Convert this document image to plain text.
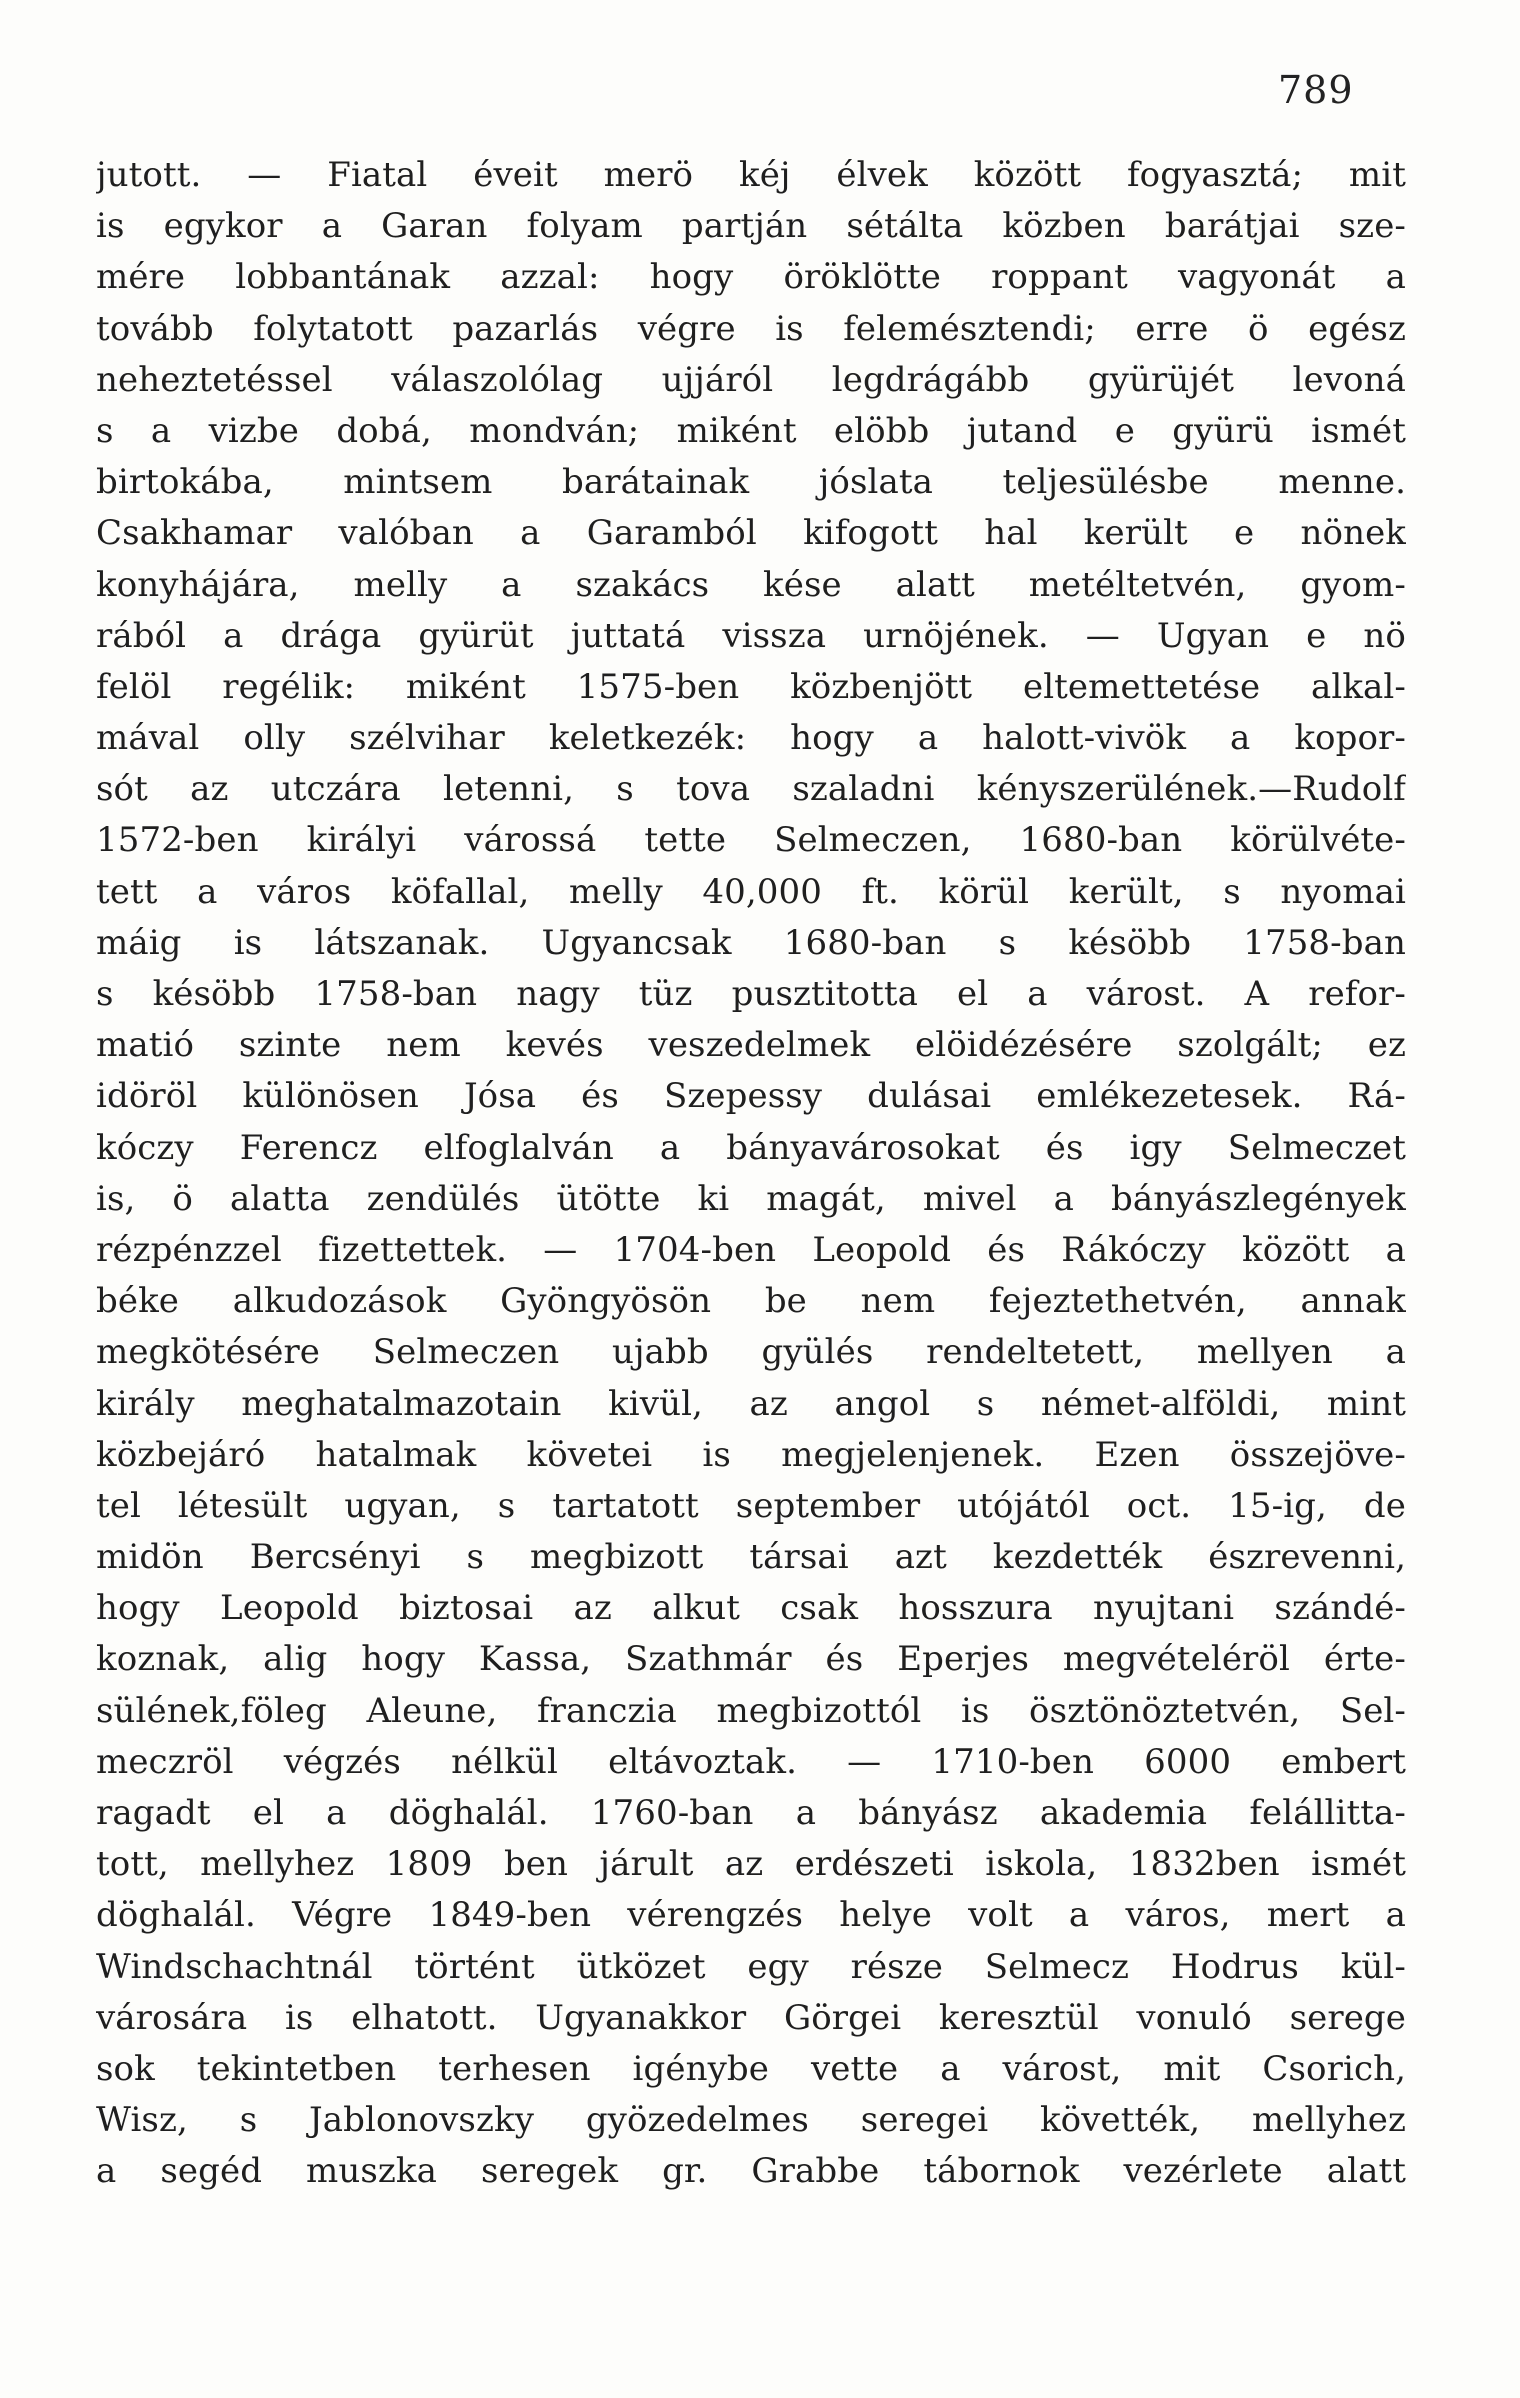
789
jutott. — Fiatal éveit merö kéj élvek között fogyasztá; mit
is egykor a Garan folyam partján sétálta közben barátjai sze-
mére lobbantának azzal: hogy öröklötte roppant vagyonát a
tovább folytatott pazarlás végre is felemésztendi; erre ö egész
neheztetéssel válaszolólag ujjáról legdrágább gyürüjét levoná
s a vizbe dobá, mondván; miként elöbb jutand e gyürü ismét
birtokába, mintsem barátainak jóslata teljesülésbe menne.
Csakhamar valóban a Garamból kifogott hal került e nönek
konyhájára, melly a szakács kése alatt metéltetvén, gyom-
rából a drága gyürüt juttatá vissza urnöjének. — Ugyan e nö
felöl regélik: miként 1575-ben közbenjött eltemettetése alkal-
mával olly szélvihar keletkezék: hogy a halott-vivök a kopor-
sót az utczára letenni, s tova szaladni kényszerülének.—Rudolf
1572-ben királyi várossá tette Selmeczen, 1680-ban körülvéte-
tett a város köfallal, melly 40,000 ft. körül került, s nyomai
máig is látszanak. Ugyancsak 1680-ban s késöbb 1758-ban
s késöbb 1758-ban nagy tüz pusztitotta el a várost. A refor-
matió szinte nem kevés veszedelmek elöidézésére szolgált; ez
idöröl különösen Jósa és Szepessy dulásai emlékezetesek. Rá-
kóczy Ferencz elfoglalván a bányavárosokat és igy Selmeczet
is, ö alatta zendülés ütötte ki magát, mivel a bányászlegények
rézpénzzel fizettettek. — 1704-ben Leopold és Rákóczy között a
béke alkudozások Gyöngyösön be nem fejeztethetvén, annak
megkötésére Selmeczen ujabb gyülés rendeltetett, mellyen a
király meghatalmazotain kivül, az angol s német-alföldi, mint
közbejáró hatalmak követei is megjelenjenek. Ezen összejöve-
tel létesült ugyan, s tartatott september utójától oct. 15-ig, de
midön Bercsényi s megbizott társai azt kezdették észrevenni,
hogy Leopold biztosai az alkut csak hosszura nyujtani szándé-
koznak, alig hogy Kassa, Szathmár és Eperjes megvételéröl érte-
sülének,föleg Aleune, franczia megbizottól is ösztönöztetvén, Sel-
meczröl végzés nélkül eltávoztak. — 1710-ben 6000 embert
ragadt el a döghalál. 1760-ban a bányász akademia felállitta-
tott, mellyhez 1809 ben járult az erdészeti iskola, 1832ben ismét
döghalál. Végre 1849-ben vérengzés helye volt a város, mert a
Windschachtnál történt ütközet egy része Selmecz Hodrus kül-
városára is elhatott. Ugyanakkor Görgei keresztül vonuló serege
sok tekintetben terhesen igénybe vette a várost, mit Csorich,
Wisz, s Jablonovszky gyözedelmes seregei követték, mellyhez
a segéd muszka seregek gr. Grabbe tábornok vezérlete alatt
